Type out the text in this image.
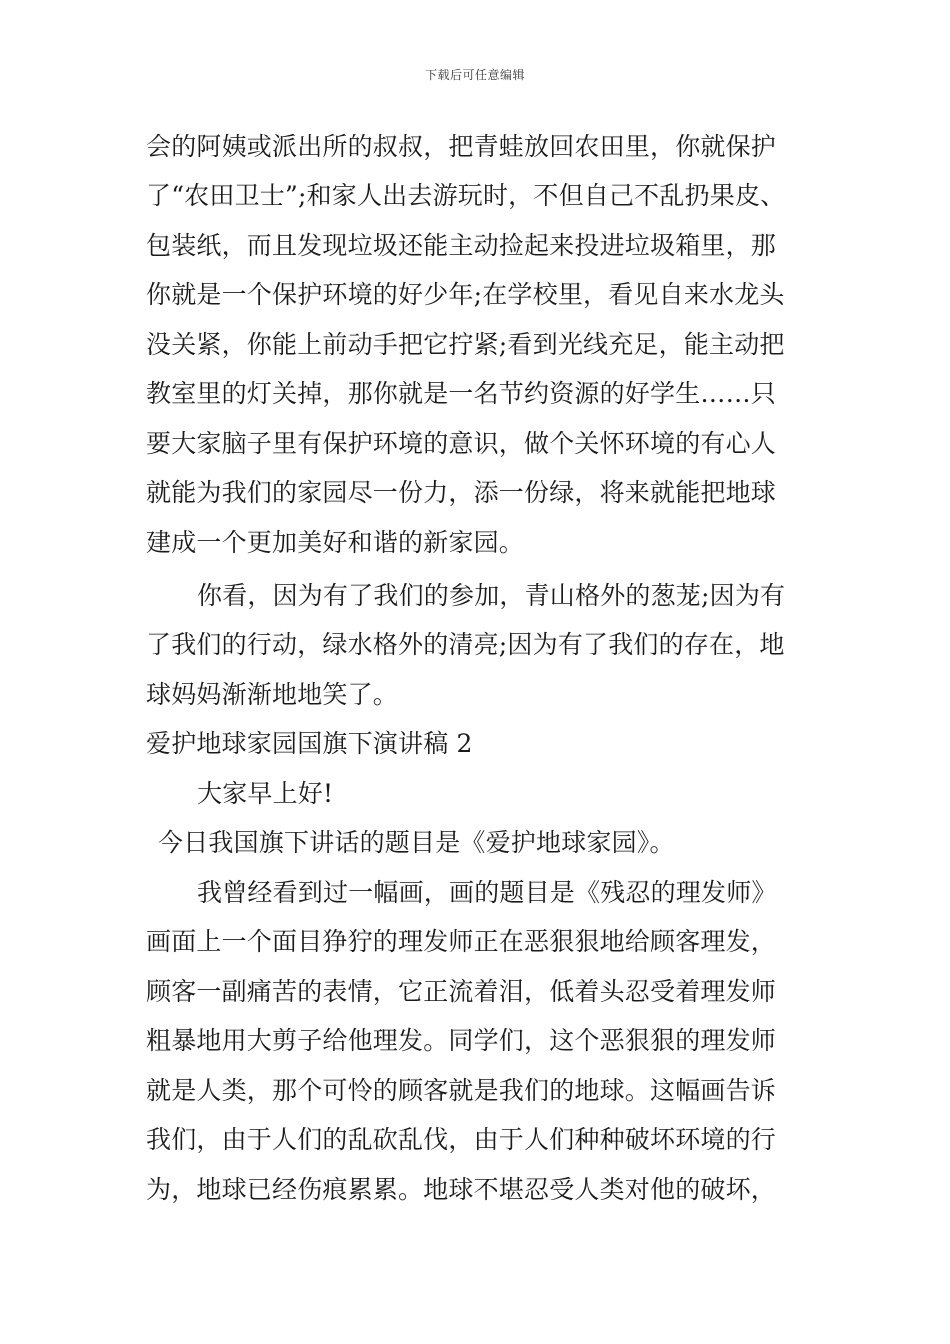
下载后可任意编辑
会的阿姨或派出所的叔叔，把青蛙放回农田里，你就保护
了“农田卫士”;和家人出去游玩时，不但自己不乱扔果皮、
包装纸，而且发现垃圾还能主动捡起来投进垃圾箱里，那
你就是一个保护环境的好少年;在学校里，看见自来水龙头
没关紧，你能上前动手把它拧紧;看到光线充足，能主动把
教室里的灯关掉，那你就是一名节约资源的好学生……只
要大家脑子里有保护环境的意识，做个关怀环境的有心人
就能为我们的家园尽一份力，添一份绿，将来就能把地球
建成一个更加美好和谐的新家园。
你看，因为有了我们的参加，青山格外的葱茏;因为有
了我们的行动，绿水格外的清亮;因为有了我们的存在，地
球妈妈渐渐地地笑了。
爱护地球家园国旗下演讲稿 2
大家早上好!
今日我国旗下讲话的题目是《爱护地球家园》。
我曾经看到过一幅画，画的题目是《残忍的理发师》
画面上一个面目狰狞的理发师正在恶狠狠地给顾客理发，
顾客一副痛苦的表情，它正流着泪，低着头忍受着理发师
粗暴地用大剪子给他理发。同学们，这个恶狠狠的理发师
就是人类，那个可怜的顾客就是我们的地球。这幅画告诉
我们，由于人们的乱砍乱伐，由于人们种种破坏环境的行
为，地球已经伤痕累累。地球不堪忍受人类对他的破坏，
